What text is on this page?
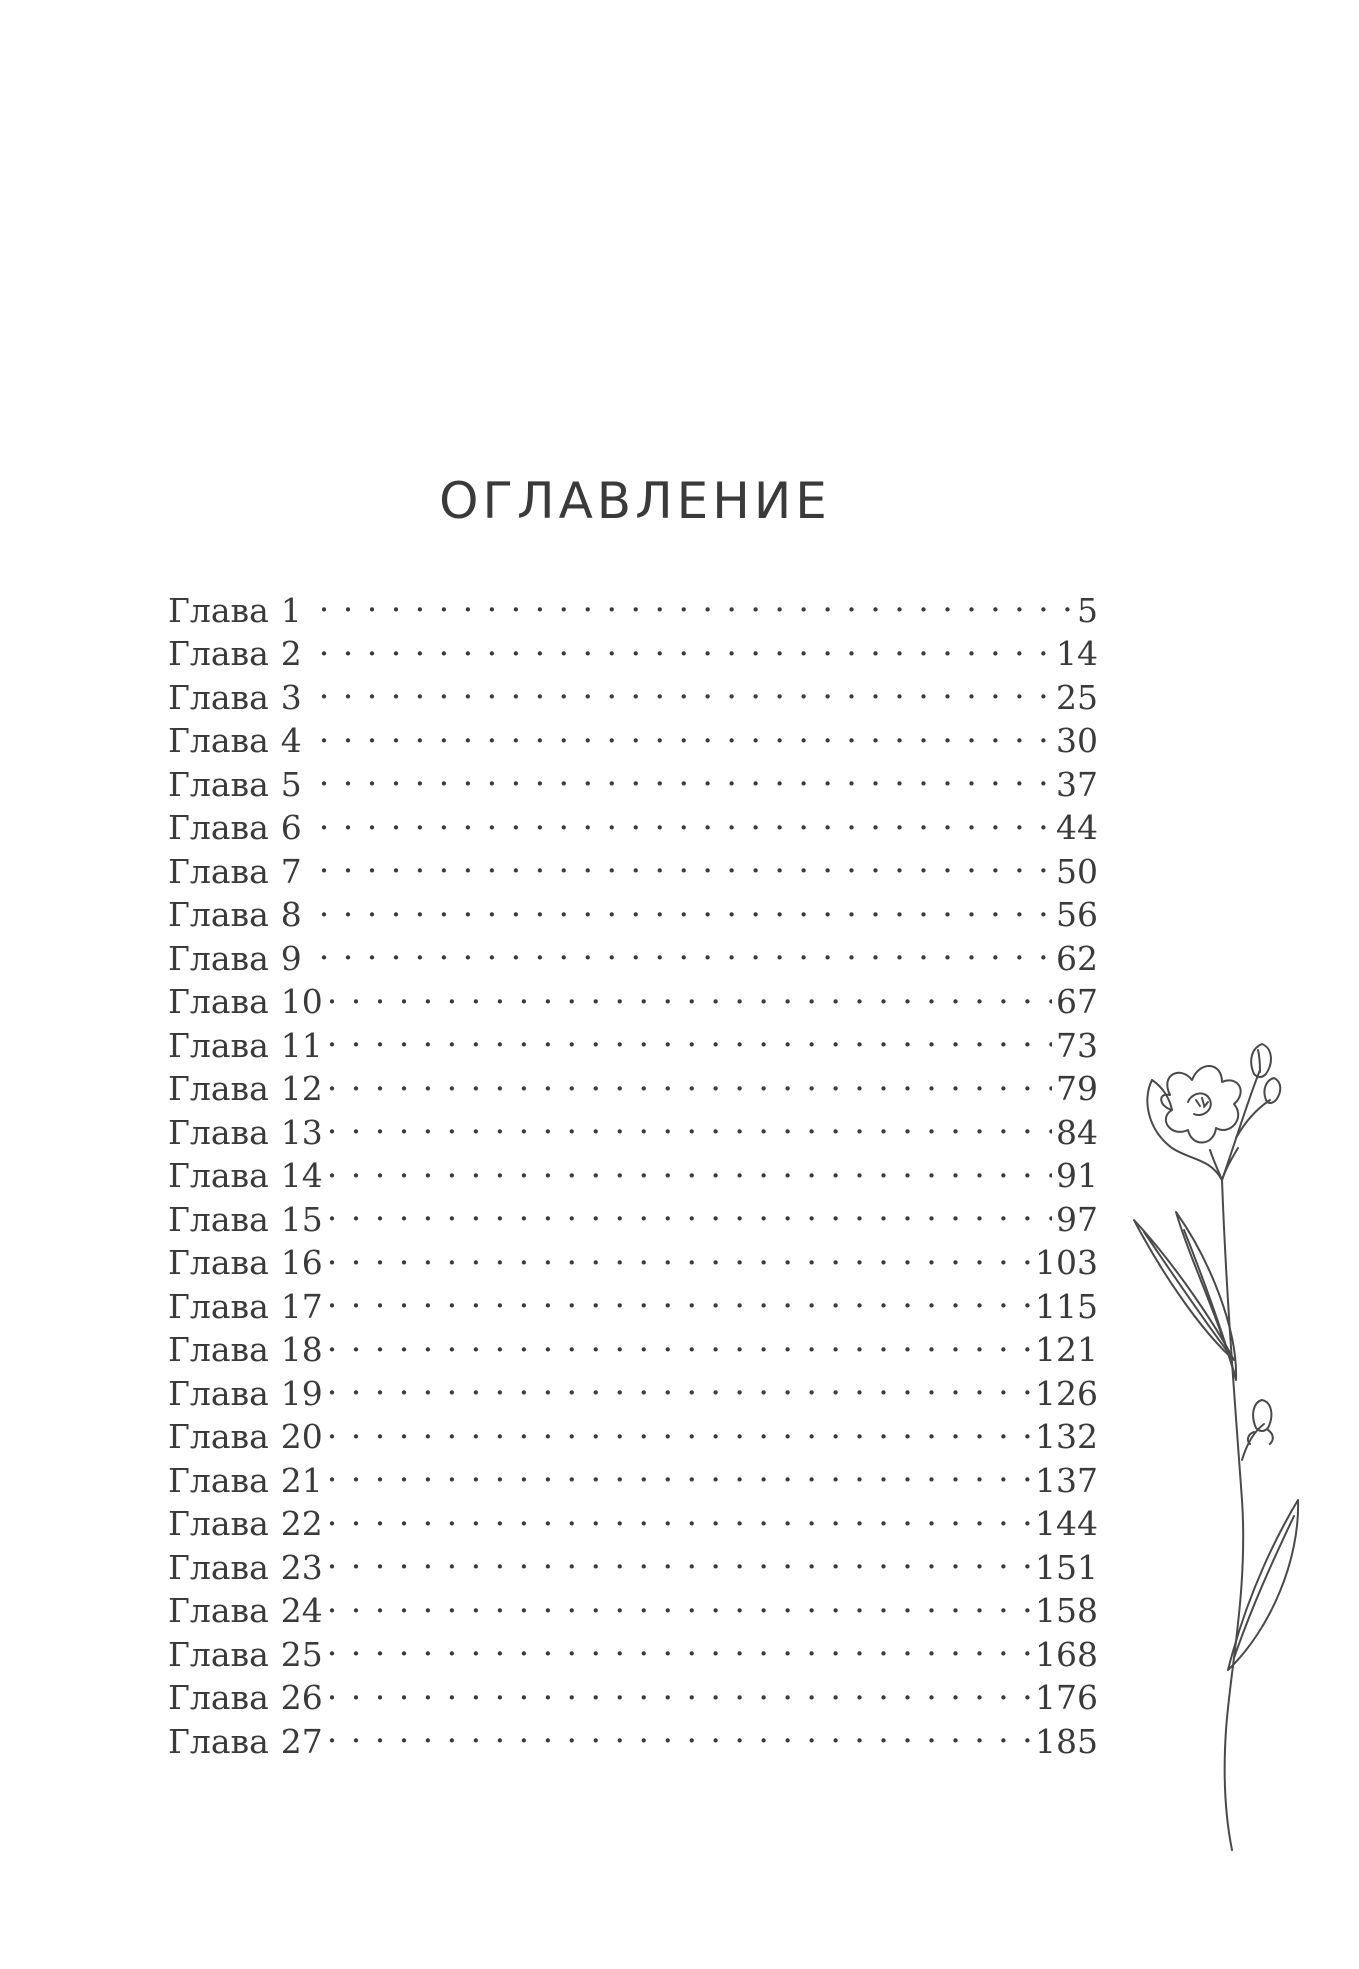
ОГЛАВЛЕНИЕ
Глава 1 . . .	5
Глава 2 . . .	14
Глава 3 . . .	25
Глава 4 . . .	30
Глава 5 . . .	37
Глава 6 . . .	44
Глава 7 . . .	50
Глава 8 . . .	56
Глава 9 . . .	62
Глава 10 . . .	67
Глава 11 . . .	73
Глава 12 . . .	79
Глава 13 . . .	84
Глава 14 . . .	91
Глава 15 . . .	97
Глава 16 . . .	103
Глава 17 . . .	115
Глава 18 . . .	121
Глава 19 . . .	126
Глава 20 . . .	132
Глава 21 . . .	137
Глава 22 . . .	144
Глава 23 . . .	151
Глава 24 . . .	158
Глава 25 . . .	168
Глава 26 . . .	176
Глава 27 . . .	185
